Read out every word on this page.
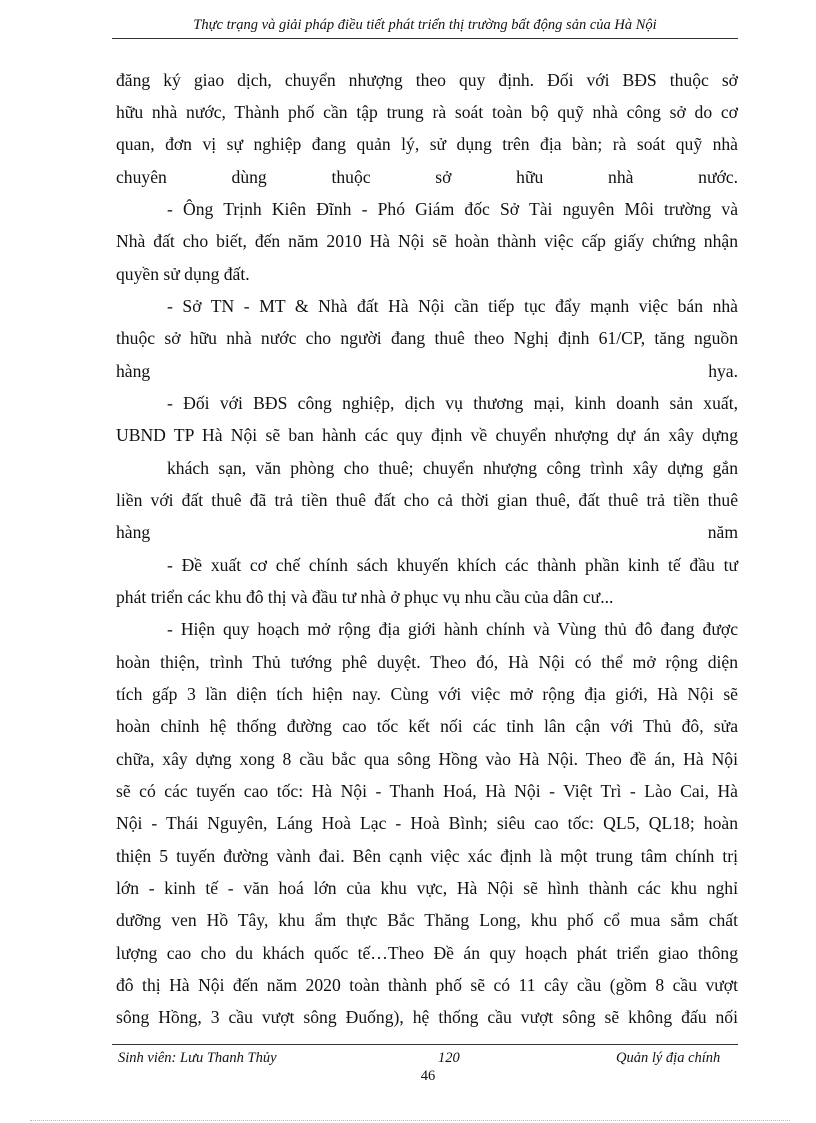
Thực trạng và giải pháp điều tiết phát triển thị trường bất động sản của Hà Nội
đăng ký giao dịch, chuyển nhượng theo quy định. Đối với BĐS thuộc sở
hữu nhà nước, Thành phố cần tập trung rà soát toàn bộ quỹ nhà công sở do cơ
quan, đơn vị sự nghiệp đang quản lý, sử dụng trên địa bàn; rà soát quỹ nhà
chuyên dùng thuộc sở hữu nhà nước.
- Ông Trịnh Kiên Đĩnh - Phó Giám đốc Sở Tài nguyên Môi trường và
Nhà đất cho biết, đến năm 2010 Hà Nội sẽ hoàn thành việc cấp giấy chứng nhận
quyền sử dụng đất.
- Sở TN - MT & Nhà đất Hà Nội cần tiếp tục đẩy mạnh việc bán nhà
thuộc sở hữu nhà nước cho người đang thuê theo Nghị định 61/CP, tăng nguồn
hàng hya.
- Đối với BĐS công nghiệp, dịch vụ thương mại, kinh doanh sản xuất,
UBND TP Hà Nội sẽ ban hành các quy định về chuyển nhượng dự án xây dựng
khách sạn, văn phòng cho thuê; chuyển nhượng công trình xây dựng gắn
liền với đất thuê đã trả tiền thuê đất cho cả thời gian thuê, đất thuê trả tiền thuê
hàng năm
- Đề xuất cơ chế chính sách khuyến khích các thành phần kinh tế đầu tư
phát triển các khu đô thị và đầu tư nhà ở phục vụ nhu cầu của dân cư...
- Hiện quy hoạch mở rộng địa giới hành chính và Vùng thủ đô đang được
hoàn thiện, trình Thủ tướng phê duyệt. Theo đó, Hà Nội có thể mở rộng diện
tích gấp 3 lần diện tích hiện nay. Cùng với việc mở rộng địa giới, Hà Nội sẽ
hoàn chỉnh hệ thống đường cao tốc kết nối các tỉnh lân cận với Thủ đô, sửa
chữa, xây dựng xong 8 cầu bắc qua sông Hồng vào Hà Nội. Theo đề án, Hà Nội
sẽ có các tuyến cao tốc: Hà Nội - Thanh Hoá, Hà Nội - Việt Trì - Lào Cai, Hà
Nội - Thái Nguyên, Láng Hoà Lạc - Hoà Bình; siêu cao tốc: QL5, QL18; hoàn
thiện 5 tuyến đường vành đai. Bên cạnh việc xác định là một trung tâm chính trị
lớn - kinh tế - văn hoá lớn của khu vực, Hà Nội sẽ hình thành các khu nghỉ
dưỡng ven Hồ Tây, khu ẩm thực Bắc Thăng Long, khu phố cổ mua sắm chất
lượng cao cho du khách quốc tế…Theo Đề án quy hoạch phát triển giao thông
đô thị Hà Nội đến năm 2020 toàn thành phố sẽ có 11 cây cầu (gồm 8 cầu vượt
sông Hồng, 3 cầu vượt sông Đuống), hệ thống cầu vượt sông sẽ không đấu nối
Sinh viên: Lưu Thanh Thủy	120	Quản lý địa chính
46
